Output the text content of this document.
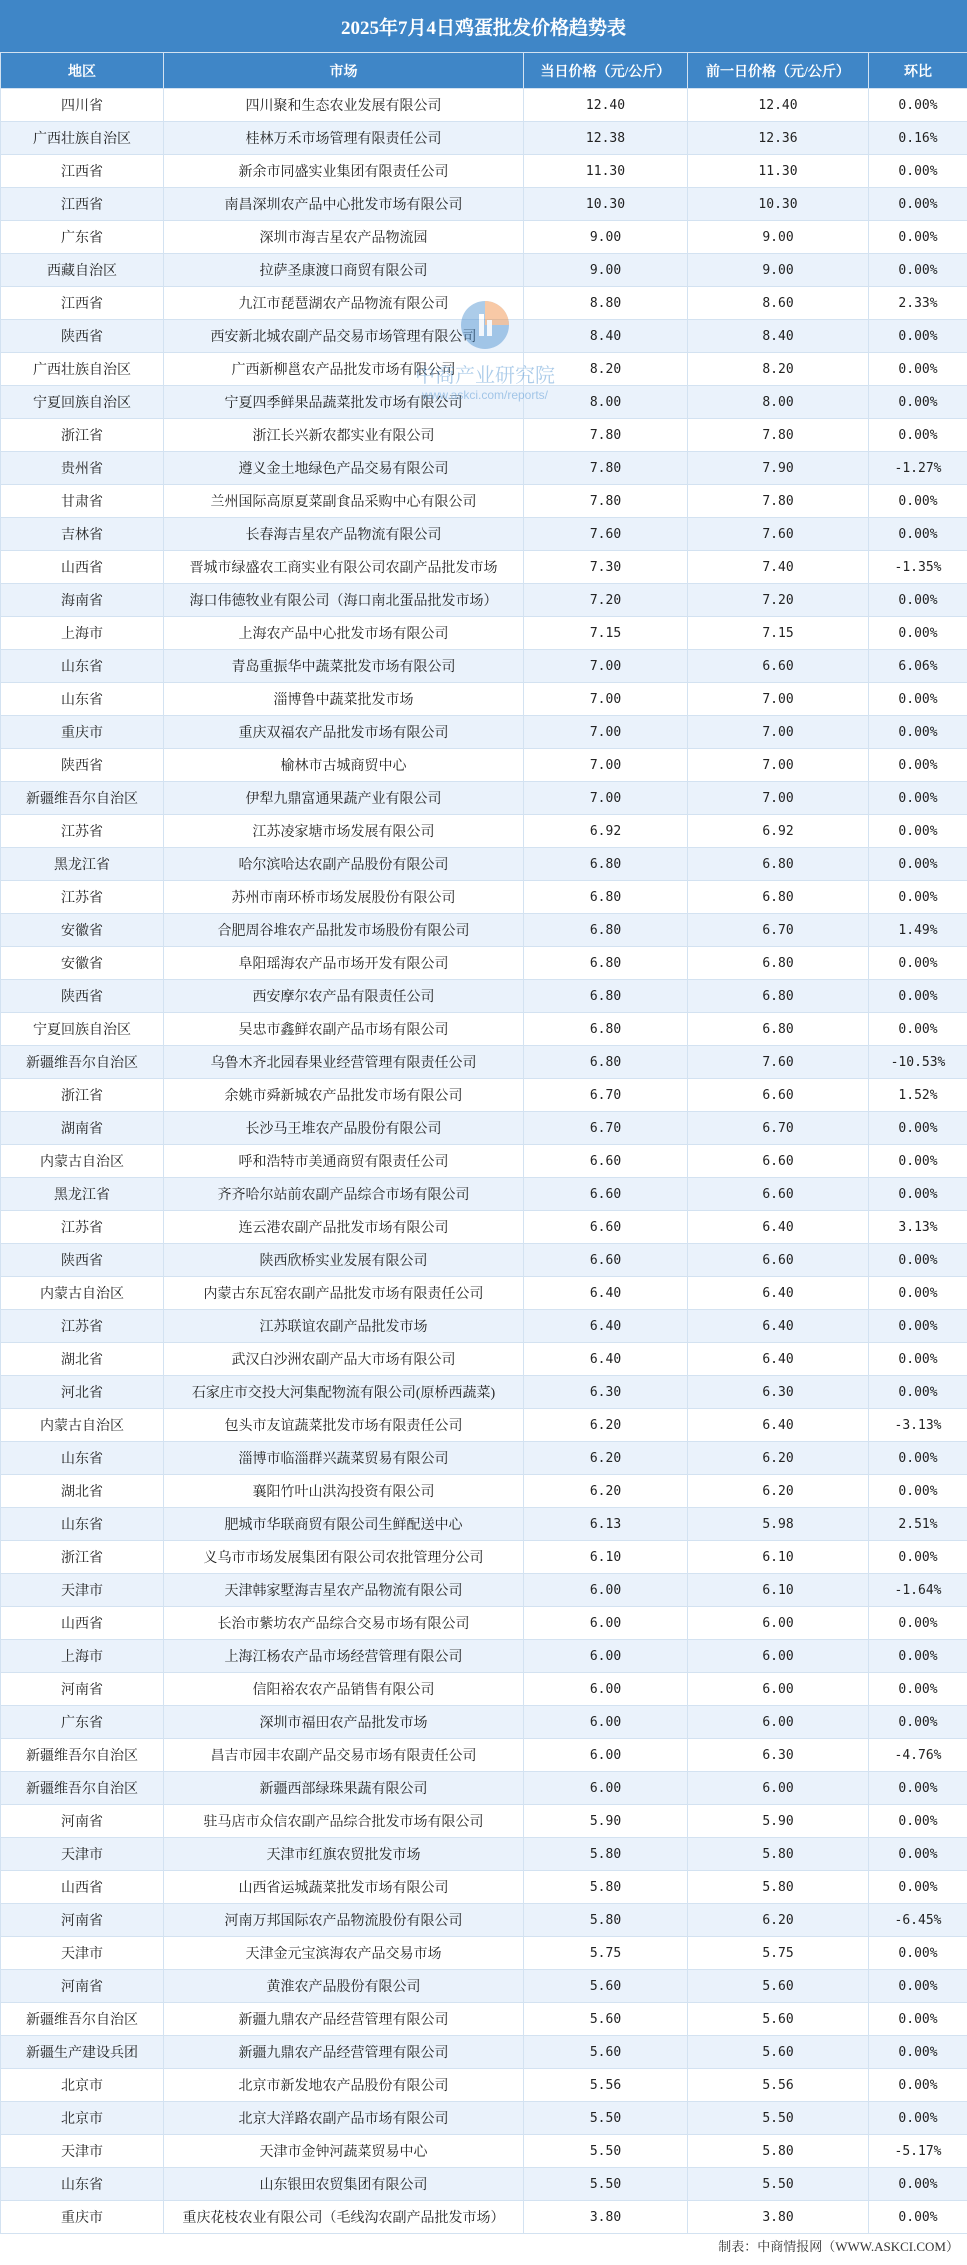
2025年7月4日鸡蛋批发价格趋势表
地区	市场	当日价格（元/公斤）	前一日价格（元/公斤）	环比
四川省	四川聚和生态农业发展有限公司	12.40	12.40	0.00%
广西壮族自治区	桂林万禾市场管理有限责任公司	12.38	12.36	0.16%
江西省	新余市同盛实业集团有限责任公司	11.30	11.30	0.00%
江西省	南昌深圳农产品中心批发市场有限公司	10.30	10.30	0.00%
广东省	深圳市海吉星农产品物流园	9.00	9.00	0.00%
西藏自治区	拉萨圣康渡口商贸有限公司	9.00	9.00	0.00%
江西省	九江市琵琶湖农产品物流有限公司	8.80	8.60	2.33%
陕西省	西安新北城农副产品交易市场管理有限公司	8.40	8.40	0.00%
广西壮族自治区	广西新柳邕农产品批发市场有限公司	8.20	8.20	0.00%
宁夏回族自治区	宁夏四季鲜果品蔬菜批发市场有限公司	8.00	8.00	0.00%
浙江省	浙江长兴新农都实业有限公司	7.80	7.80	0.00%
贵州省	遵义金土地绿色产品交易有限公司	7.80	7.90	-1.27%
甘肃省	兰州国际高原夏菜副食品采购中心有限公司	7.80	7.80	0.00%
吉林省	长春海吉星农产品物流有限公司	7.60	7.60	0.00%
山西省	晋城市绿盛农工商实业有限公司农副产品批发市场	7.30	7.40	-1.35%
海南省	海口伟德牧业有限公司（海口南北蛋品批发市场）	7.20	7.20	0.00%
上海市	上海农产品中心批发市场有限公司	7.15	7.15	0.00%
山东省	青岛重振华中蔬菜批发市场有限公司	7.00	6.60	6.06%
山东省	淄博鲁中蔬菜批发市场	7.00	7.00	0.00%
重庆市	重庆双福农产品批发市场有限公司	7.00	7.00	0.00%
陕西省	榆林市古城商贸中心	7.00	7.00	0.00%
新疆维吾尔自治区	伊犁九鼎富通果蔬产业有限公司	7.00	7.00	0.00%
江苏省	江苏凌家塘市场发展有限公司	6.92	6.92	0.00%
黑龙江省	哈尔滨哈达农副产品股份有限公司	6.80	6.80	0.00%
江苏省	苏州市南环桥市场发展股份有限公司	6.80	6.80	0.00%
安徽省	合肥周谷堆农产品批发市场股份有限公司	6.80	6.70	1.49%
安徽省	阜阳瑶海农产品市场开发有限公司	6.80	6.80	0.00%
陕西省	西安摩尔农产品有限责任公司	6.80	6.80	0.00%
宁夏回族自治区	吴忠市鑫鲜农副产品市场有限公司	6.80	6.80	0.00%
新疆维吾尔自治区	乌鲁木齐北园春果业经营管理有限责任公司	6.80	7.60	-10.53%
浙江省	余姚市舜新城农产品批发市场有限公司	6.70	6.60	1.52%
湖南省	长沙马王堆农产品股份有限公司	6.70	6.70	0.00%
内蒙古自治区	呼和浩特市美通商贸有限责任公司	6.60	6.60	0.00%
黑龙江省	齐齐哈尔站前农副产品综合市场有限公司	6.60	6.60	0.00%
江苏省	连云港农副产品批发市场有限公司	6.60	6.40	3.13%
陕西省	陕西欣桥实业发展有限公司	6.60	6.60	0.00%
内蒙古自治区	内蒙古东瓦窑农副产品批发市场有限责任公司	6.40	6.40	0.00%
江苏省	江苏联谊农副产品批发市场	6.40	6.40	0.00%
湖北省	武汉白沙洲农副产品大市场有限公司	6.40	6.40	0.00%
河北省	石家庄市交投大河集配物流有限公司(原桥西蔬菜)	6.30	6.30	0.00%
内蒙古自治区	包头市友谊蔬菜批发市场有限责任公司	6.20	6.40	-3.13%
山东省	淄博市临淄群兴蔬菜贸易有限公司	6.20	6.20	0.00%
湖北省	襄阳竹叶山洪沟投资有限公司	6.20	6.20	0.00%
山东省	肥城市华联商贸有限公司生鲜配送中心	6.13	5.98	2.51%
浙江省	义乌市市场发展集团有限公司农批管理分公司	6.10	6.10	0.00%
天津市	天津韩家墅海吉星农产品物流有限公司	6.00	6.10	-1.64%
山西省	长治市紫坊农产品综合交易市场有限公司	6.00	6.00	0.00%
上海市	上海江杨农产品市场经营管理有限公司	6.00	6.00	0.00%
河南省	信阳裕农农产品销售有限公司	6.00	6.00	0.00%
广东省	深圳市福田农产品批发市场	6.00	6.00	0.00%
新疆维吾尔自治区	昌吉市园丰农副产品交易市场有限责任公司	6.00	6.30	-4.76%
新疆维吾尔自治区	新疆西部绿珠果蔬有限公司	6.00	6.00	0.00%
河南省	驻马店市众信农副产品综合批发市场有限公司	5.90	5.90	0.00%
天津市	天津市红旗农贸批发市场	5.80	5.80	0.00%
山西省	山西省运城蔬菜批发市场有限公司	5.80	5.80	0.00%
河南省	河南万邦国际农产品物流股份有限公司	5.80	6.20	-6.45%
天津市	天津金元宝滨海农产品交易市场	5.75	5.75	0.00%
河南省	黄淮农产品股份有限公司	5.60	5.60	0.00%
新疆维吾尔自治区	新疆九鼎农产品经营管理有限公司	5.60	5.60	0.00%
新疆生产建设兵团	新疆九鼎农产品经营管理有限公司	5.60	5.60	0.00%
北京市	北京市新发地农产品股份有限公司	5.56	5.56	0.00%
北京市	北京大洋路农副产品市场有限公司	5.50	5.50	0.00%
天津市	天津市金钟河蔬菜贸易中心	5.50	5.80	-5.17%
山东省	山东银田农贸集团有限公司	5.50	5.50	0.00%
重庆市	重庆花枝农业有限公司（毛线沟农副产品批发市场）	3.80	3.80	0.00%
中商产业研究院
www.askci.com/reports/
制表：中商情报网（WWW.ASKCI.COM）
